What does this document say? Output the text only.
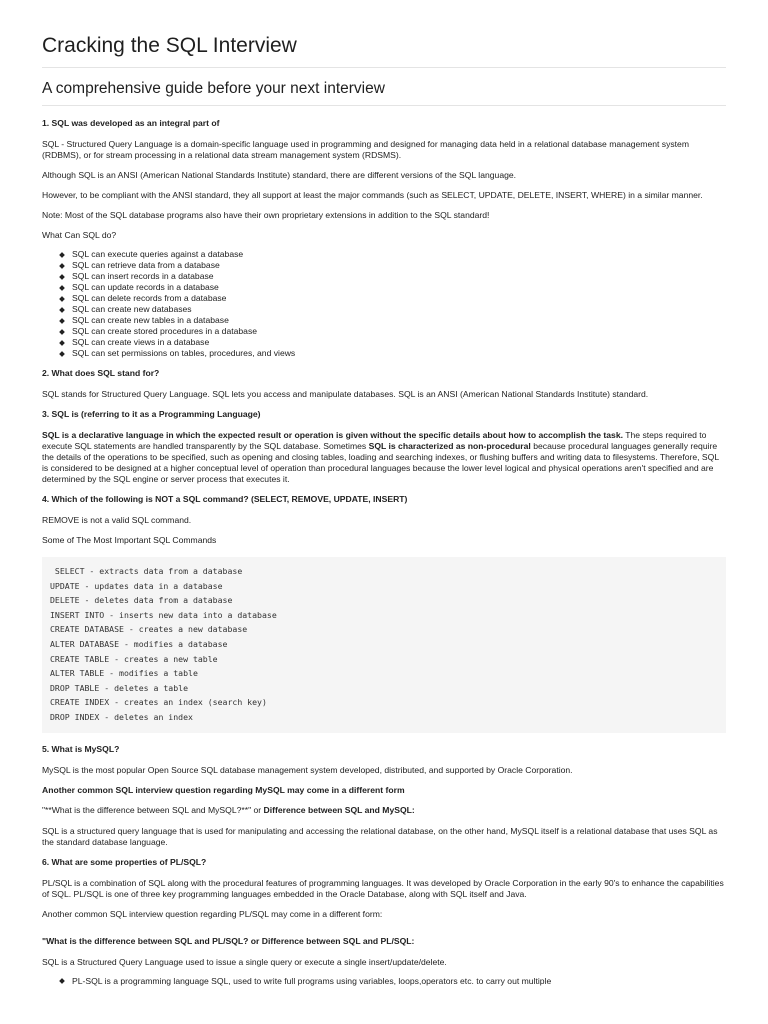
Cracking the SQL Interview
A comprehensive guide before your next interview
1. SQL was developed as an integral part of

SQL - Structured Query Language is a domain-specific language used in programming and designed for managing data held in a relational database management system (RDBMS), or for stream processing in a relational data stream management system (RDSMS).

Although SQL is an ANSI (American National Standards Institute) standard, there are different versions of the SQL language.

However, to be compliant with the ANSI standard, they all support at least the major commands (such as SELECT, UPDATE, DELETE, INSERT, WHERE) in a similar manner.

Note: Most of the SQL database programs also have their own proprietary extensions in addition to the SQL standard!

What Can SQL do?

SQL can execute queries against a database
SQL can retrieve data from a database
SQL can insert records in a database
SQL can update records in a database
SQL can delete records from a database
SQL can create new databases
SQL can create new tables in a database
SQL can create stored procedures in a database
SQL can create views in a database
SQL can set permissions on tables, procedures, and views
2. What does SQL stand for?

SQL stands for Structured Query Language. SQL lets you access and manipulate databases. SQL is an ANSI (American National Standards Institute) standard.

3. SQL is (referring to it as a Programming Language)

SQL is a declarative language in which the expected result or operation is given without the specific details about how to accomplish the task. The steps required to execute SQL statements are handled transparently by the SQL database. Sometimes SQL is characterized as non-procedural because procedural languages generally require the details of the operations to be specified, such as opening and closing tables, loading and searching indexes, or flushing buffers and writing data to filesystems. Therefore, SQL is considered to be designed at a higher conceptual level of operation than procedural languages because the lower level logical and physical operations aren't specified and are determined by the SQL engine or server process that executes it.

4. Which of the following is NOT a SQL command? (SELECT, REMOVE, UPDATE, INSERT)

REMOVE is not a valid SQL command.

Some of The Most Important SQL Commands

SELECT - extracts data from a database
UPDATE - updates data in a database
DELETE - deletes data from a database
INSERT INTO - inserts new data into a database
CREATE DATABASE - creates a new database
ALTER DATABASE - modifies a database
CREATE TABLE - creates a new table
ALTER TABLE - modifies a table
DROP TABLE - deletes a table
CREATE INDEX - creates an index (search key)
DROP INDEX - deletes an index
5. What is MySQL?

MySQL is the most popular Open Source SQL database management system developed, distributed, and supported by Oracle Corporation.

Another common SQL interview question regarding MySQL may come in a different form

"**What is the difference between SQL and MySQL?**" or Difference between SQL and MySQL:

SQL is a structured query language that is used for manipulating and accessing the relational database, on the other hand, MySQL itself is a relational database that uses SQL as the standard database language.

6. What are some properties of PL/SQL?

PL/SQL is a combination of SQL along with the procedural features of programming languages. It was developed by Oracle Corporation in the early 90's to enhance the capabilities of SQL. PL/SQL is one of three key programming languages embedded in the Oracle Database, along with SQL itself and Java.

Another common SQL interview question regarding PL/SQL may come in a different form:

"What is the difference between SQL and PL/SQL? or Difference between SQL and PL/SQL:

SQL is a Structured Query Language used to issue a single query or execute a single insert/update/delete.

PL-SQL is a programming language SQL, used to write full programs using variables, loops,operators etc. to carry out multiple
